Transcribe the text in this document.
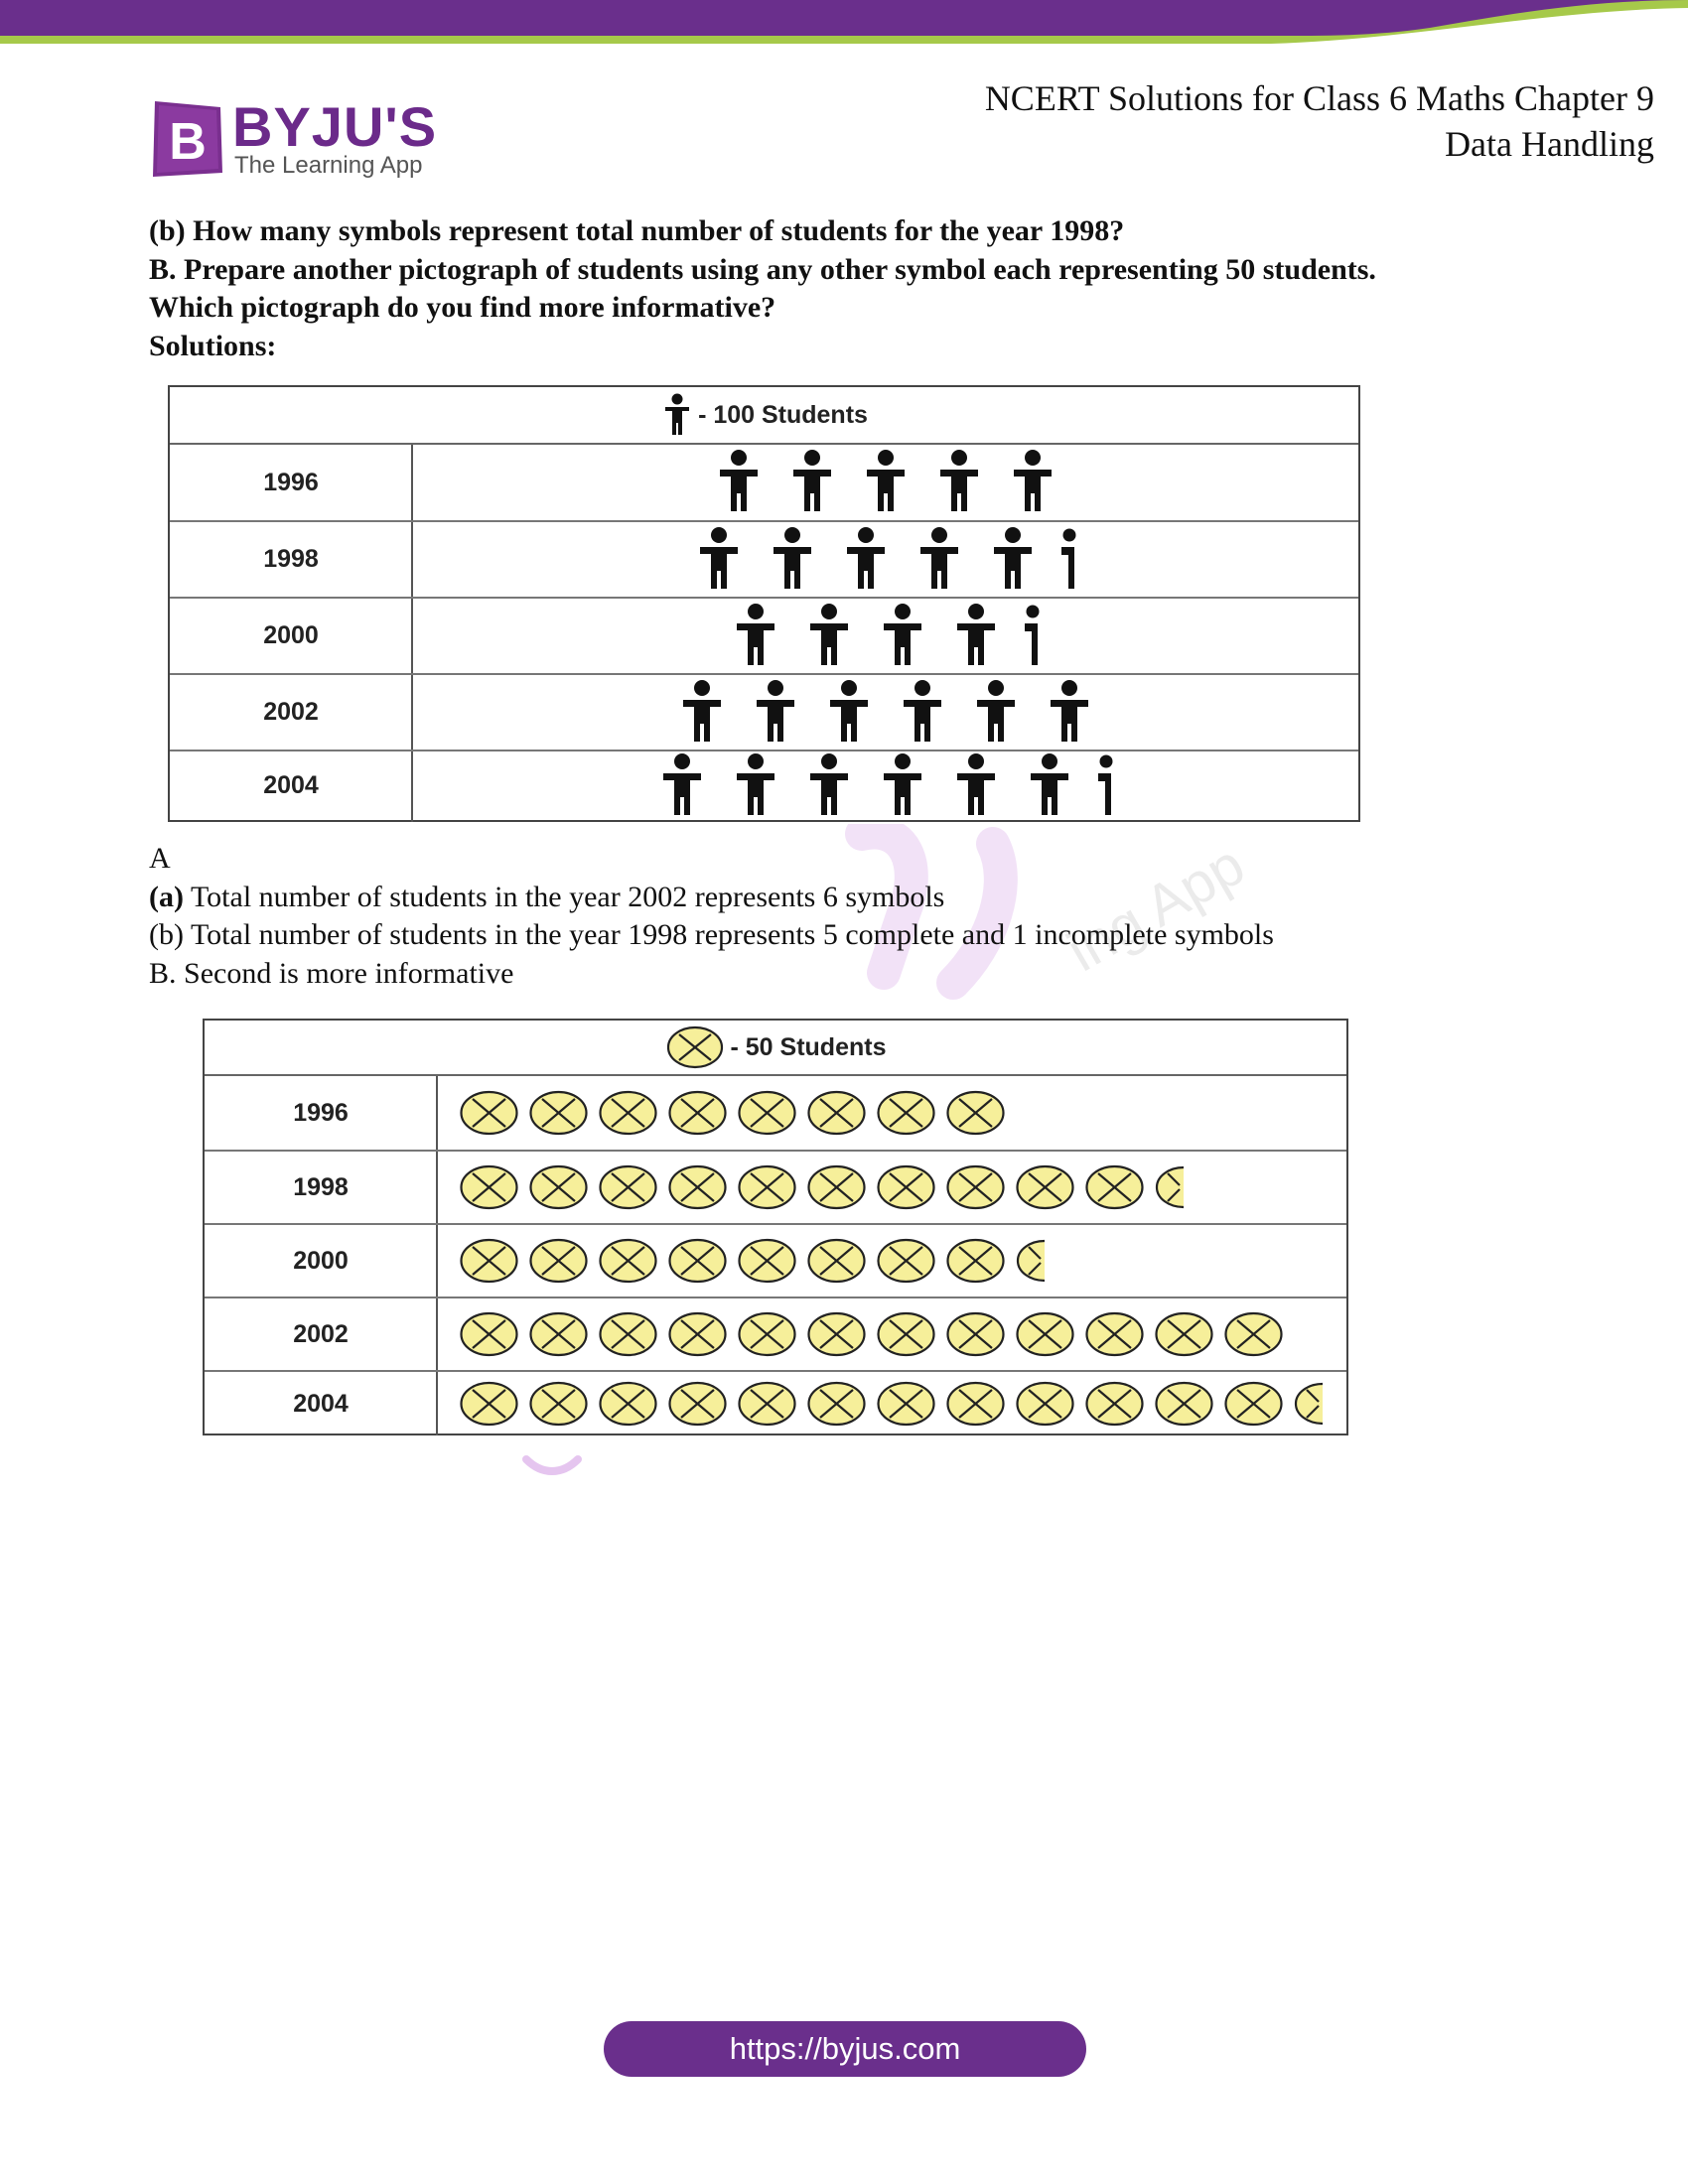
B BYJU'S
The Learning App
NCERT Solutions for Class 6 Maths Chapter 9
Data Handling
(b) How many symbols represent total number of students for the year 1998?
B. Prepare another pictograph of students using any other symbol each representing 50 students.
Which pictograph do you find more informative?
Solutions:
- 100 Students
1996
1998
2000
2002
2004
ing App
A
(a) Total number of students in the year 2002 represents 6 symbols
(b) Total number of students in the year 1998 represents 5 complete and 1 incomplete symbols
B. Second is more informative
- 50 Students
1996
1998
2000
2002
2004
https://byjus.com
